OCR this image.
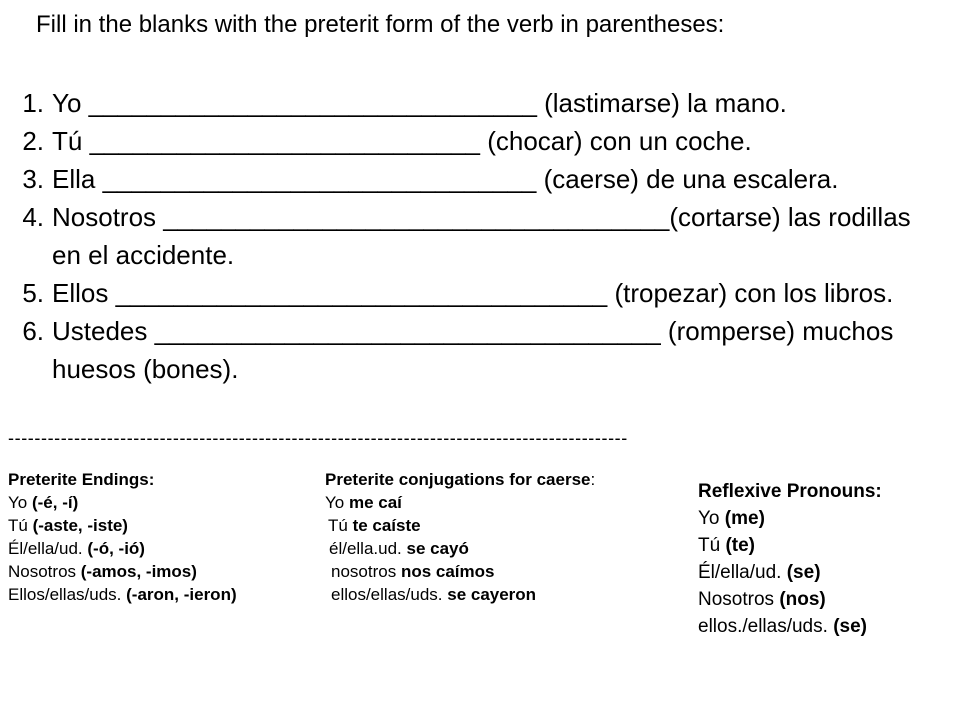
Fill in the blanks with the preterit form of the verb in parentheses:
1. Yo _______________________________ (lastimarse) la mano.
2. Tú ___________________________ (chocar) con un coche.
3. Ella ______________________________ (caerse) de una escalera.
4. Nosotros ___________________________________(cortarse) las rodillas en el accidente.
5. Ellos __________________________________ (tropezar) con los libros.
6. Ustedes ___________________________________ (romperse) muchos huesos (bones).
----------------------------------------------------------------------------------------------
Preterite Endings:
Yo (-é, -í)
Tú (-aste, -iste)
Él/ella/ud. (-ó, -ió)
Nosotros (-amos, -imos)
Ellos/ellas/uds. (-aron, -ieron)
Preterite conjugations for caerse:
Yo me caí
Tú te caíste
él/ella.ud. se cayó
nosotros nos caímos
ellos/ellas/uds. se cayeron
Reflexive Pronouns:
Yo (me)
Tú (te)
Él/ella/ud. (se)
Nosotros (nos)
ellos./ellas/uds. (se)
